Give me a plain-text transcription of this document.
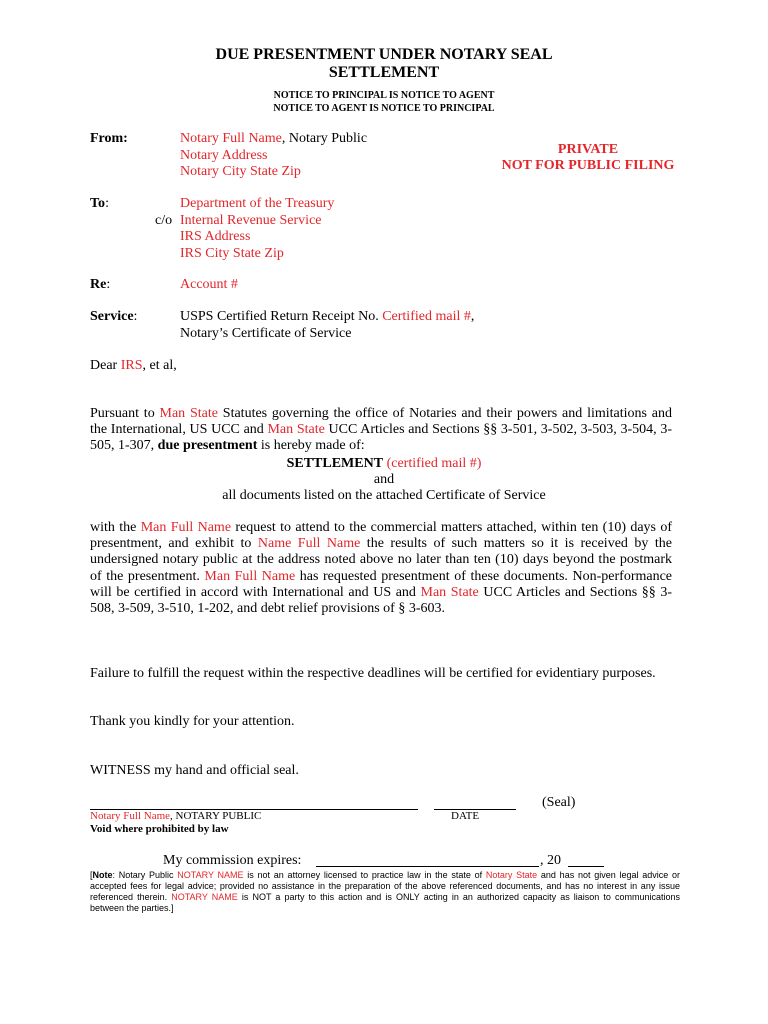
DUE PRESENTMENT UNDER NOTARY SEAL
SETTLEMENT
NOTICE TO PRINCIPAL IS NOTICE TO AGENT
NOTICE TO AGENT IS NOTICE TO PRINCIPAL
From:	Notary Full Name, Notary Public
Notary Address
Notary City State Zip
PRIVATE
NOT FOR PUBLIC FILING
To:	Department of the Treasury
c/o Internal Revenue Service
IRS Address
IRS City State Zip
Re:	Account #
Service:	USPS Certified Return Receipt No. Certified mail #,
Notary’s Certificate of Service
Dear IRS, et al,
Pursuant to Man State Statutes governing the office of Notaries and their powers and limitations and the International, US UCC and Man State UCC Articles and Sections §§ 3-501, 3-502, 3-503, 3-504, 3-505, 1-307, due presentment is hereby made of:
SETTLEMENT (certified mail #)
and
all documents listed on the attached Certificate of Service
with the Man Full Name request to attend to the commercial matters attached, within ten (10) days of presentment, and exhibit to Name Full Name the results of such matters so it is received by the undersigned notary public at the address noted above no later than ten (10) days beyond the postmark of the presentment. Man Full Name has requested presentment of these documents. Non-performance will be certified in accord with International and US and Man State UCC Articles and Sections §§ 3-508, 3-509, 3-510, 1-202, and debt relief provisions of § 3-603.
Failure to fulfill the request within the respective deadlines will be certified for evidentiary purposes.
Thank you kindly for your attention.
WITNESS my hand and official seal.
(Seal)
Notary Full Name, NOTARY PUBLIC	DATE
Void where prohibited by law
My commission expires:	, 20
[Note: Notary Public NOTARY NAME is not an attorney licensed to practice law in the state of Notary State and has not given legal advice or accepted fees for legal advice; provided no assistance in the preparation of the above referenced documents, and has no interest in any issue referenced therein. NOTARY NAME is NOT a party to this action and is ONLY acting in an authorized capacity as liaison to communications between the parties.]
